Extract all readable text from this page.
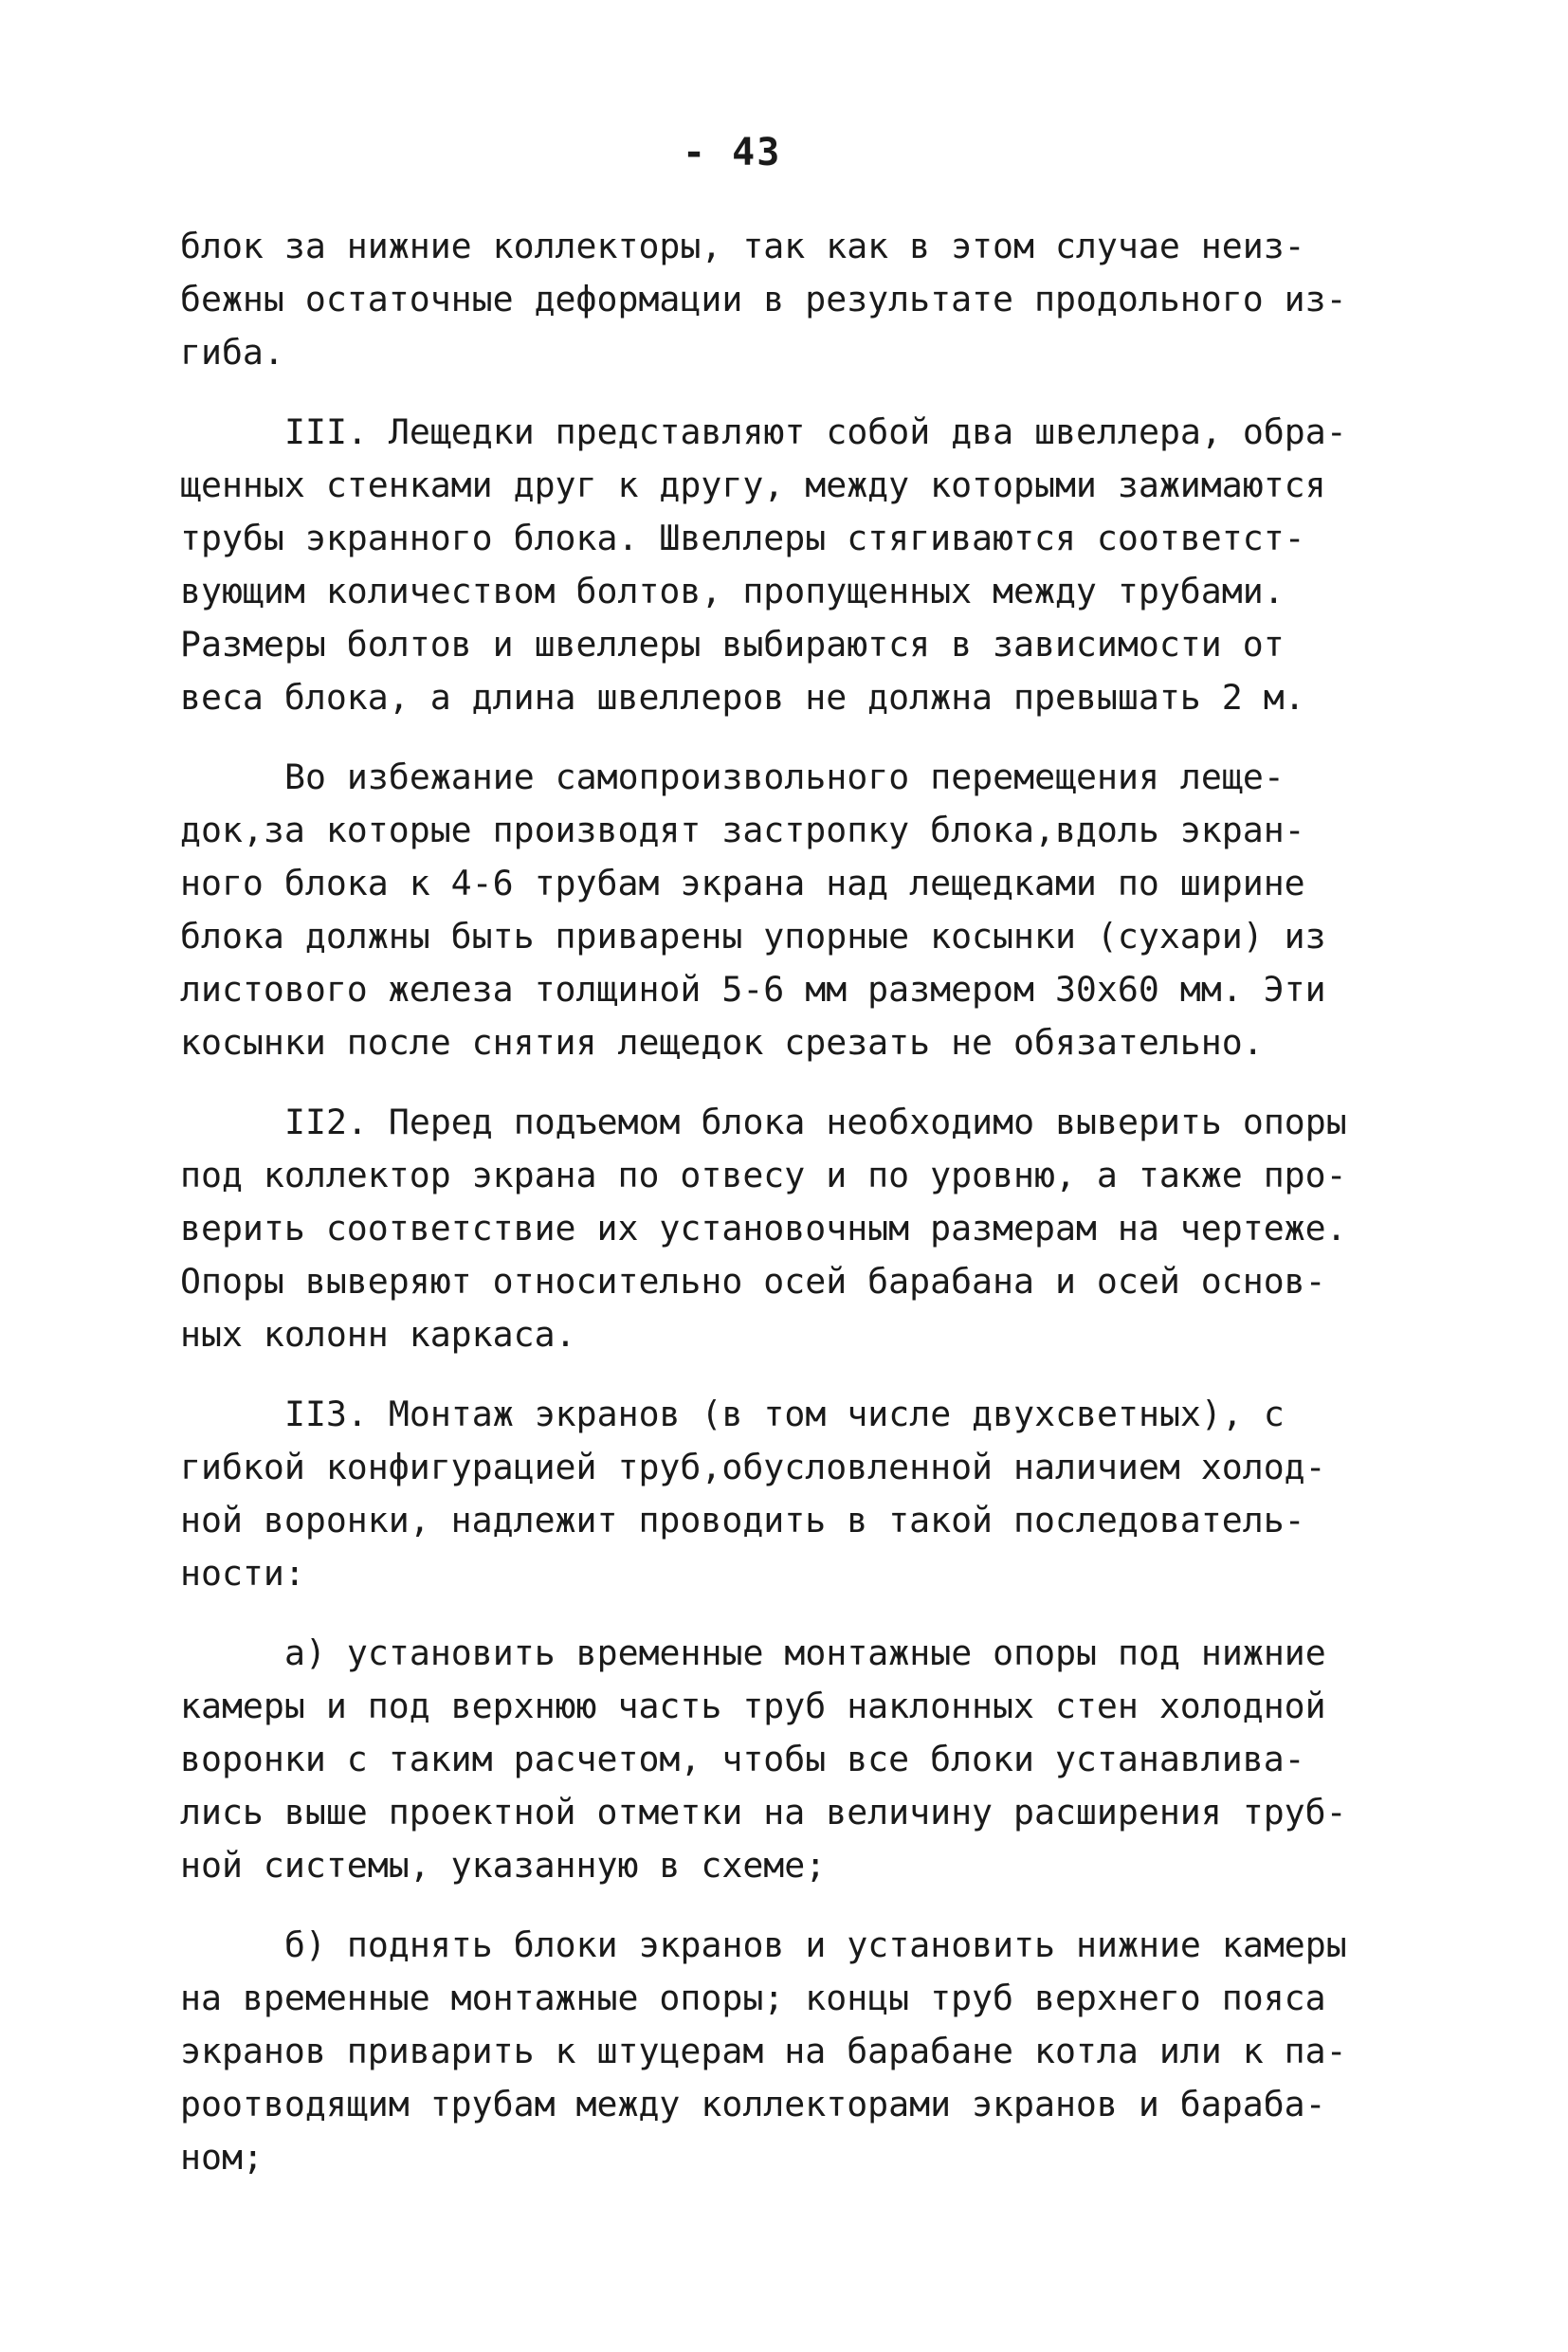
- 43
блок за нижние коллекторы, так как в этом случае неиз-
бежны остаточные деформации в результате продольного из-
гиба.
III. Лещедки представляют собой два швеллера, обра-
щенных стенками друг к другу, между которыми зажимаются
трубы экранного блока. Швеллеры стягиваются соответст-
вующим количеством болтов, пропущенных между трубами.
Размеры болтов и швеллеры выбираются в зависимости от
веса блока, а длина швеллеров не должна превышать 2 м.
Во избежание самопроизвольного перемещения леще-
док,за которые производят застропку блока,вдоль экран-
ного блока к 4-6 трубам экрана над лещедками по ширине
блока должны быть приварены упорные косынки (сухари) из
листового железа толщиной 5-6 мм размером 30х60 мм. Эти
косынки после снятия лещедок срезать не обязательно.
II2. Перед подъемом блока необходимо выверить опоры
под коллектор экрана по отвесу и по уровню, а также про-
верить соответствие их установочным размерам на чертеже.
Опоры выверяют относительно осей барабана и осей основ-
ных колонн каркаса.
II3. Монтаж экранов (в том числе двухсветных), с
гибкой конфигурацией труб,обусловленной наличием холод-
ной воронки, надлежит проводить в такой последователь-
ности:
а) установить временные монтажные опоры под нижние
камеры и под верхнюю часть труб наклонных стен холодной
воронки с таким расчетом, чтобы все блоки устанавлива-
лись выше проектной отметки на величину расширения труб-
ной системы, указанную в схеме;
б) поднять блоки экранов и установить нижние камеры
на временные монтажные опоры; концы труб верхнего пояса
экранов приварить к штуцерам на барабане котла или к па-
роотводящим трубам между коллекторами экранов и бараба-
ном;
